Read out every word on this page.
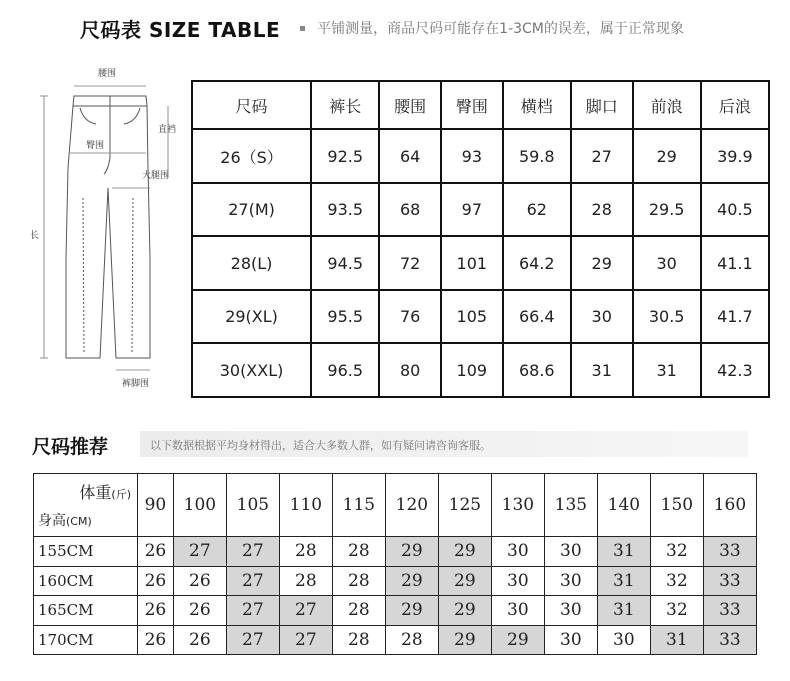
尺码表 SIZE TABLE	平铺测量，商品尺码可能存在1-3CM的误差，属于正常现象
腰围
直裆
臀围
大腿围
长
裤脚围
尺码	裤长	腰围	臀围	横档	脚口	前浪	后浪
26（S）	92.5	64	93	59.8	27	29	39.9
27(M)	93.5	68	97	62	28	29.5	40.5
28(L)	94.5	72	101	64.2	29	30	41.1
29(XL)	95.5	76	105	66.4	30	30.5	41.7
30(XXL)	96.5	80	109	68.6	31	31	42.3
尺码推荐	以下数据根据平均身材得出，适合大多数人群，如有疑问请咨询客服。
体重(斤)
身高(CM)	90	100	105	110	115	120	125	130	135	140	150	160
155CM	26	27	27	28	28	29	29	30	30	31	32	33
160CM	26	26	27	28	28	29	29	30	30	31	32	33
165CM	26	26	27	27	28	29	29	30	30	31	32	33
170CM	26	26	27	27	28	28	29	29	30	30	31	33
